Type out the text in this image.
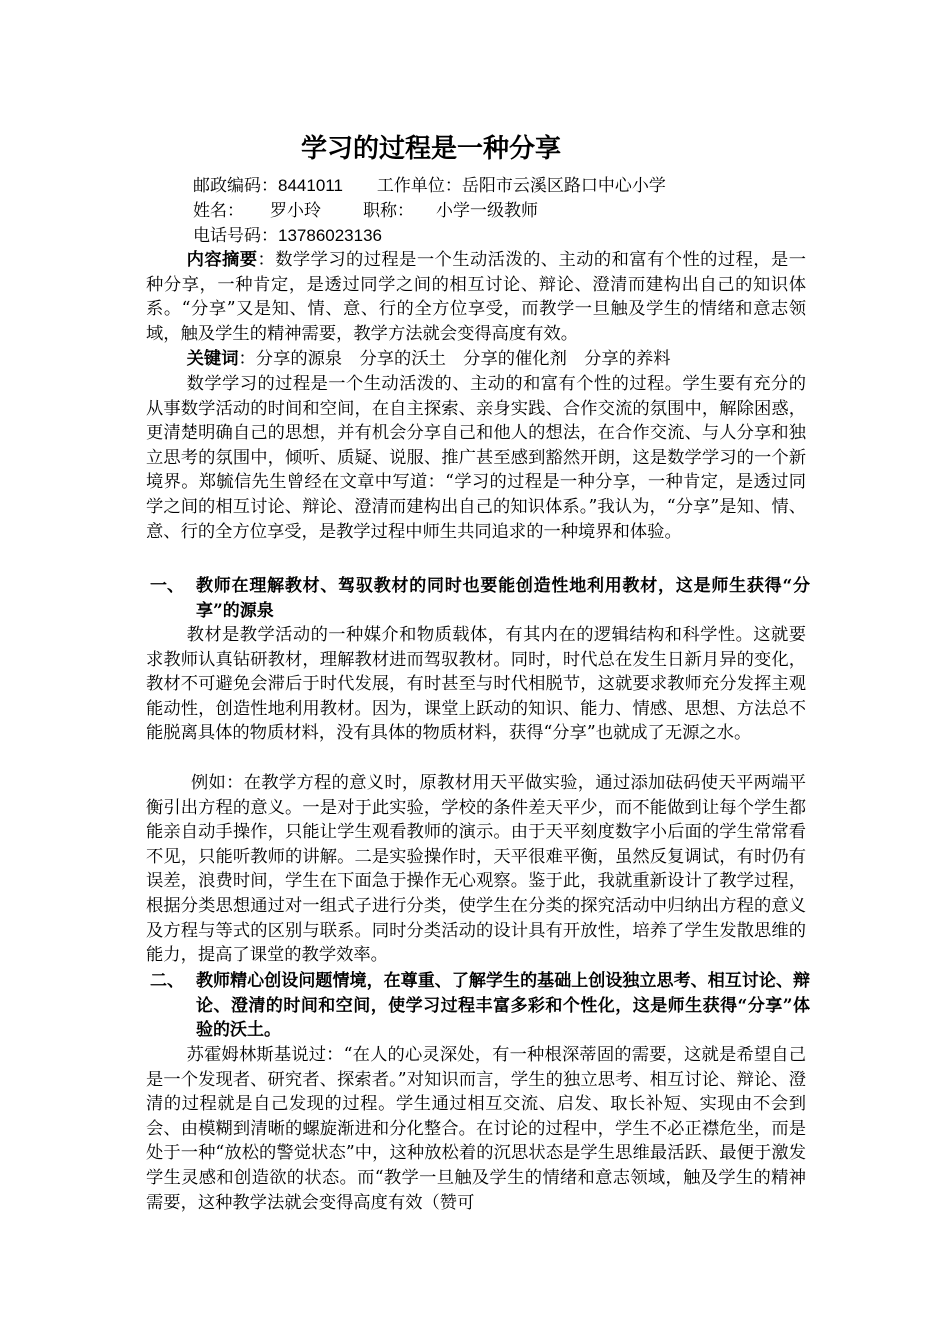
学习的过程是一种分享
邮政编码：8441011 工作单位：岳阳市云溪区路口中心小学
姓名： 罗小玲 职称： 小学一级教师
电话号码：13786023136

内容摘要：数学学习的过程是一个生动活泼的、主动的和富有个性的过程，是一种分享，一种肯定，是透过同学之间的相互讨论、辩论、澄清而建构出自己的知识体系。“分享”又是知、情、意、行的全方位享受，而教学一旦触及学生的情绪和意志领域，触及学生的精神需要，教学方法就会变得高度有效。

关键词：分享的源泉　分享的沃土　分享的催化剂　分享的养料

数学学习的过程是一个生动活泼的、主动的和富有个性的过程。学生要有充分的从事数学活动的时间和空间，在自主探索、亲身实践、合作交流的氛围中，解除困惑，更清楚明确自己的思想，并有机会分享自己和他人的想法，在合作交流、与人分享和独立思考的氛围中，倾听、质疑、说服、推广甚至感到豁然开朗，这是数学学习的一个新境界。郑毓信先生曾经在文章中写道：“学习的过程是一种分享，一种肯定，是透过同学之间的相互讨论、辩论、澄清而建构出自己的知识体系。”我认为，“分享”是知、情、意、行的全方位享受，是教学过程中师生共同追求的一种境界和体验。

一、 教师在理解教材、驾驭教材的同时也要能创造性地利用教材，这是师生获得“分享”的源泉

教材是教学活动的一种媒介和物质载体，有其内在的逻辑结构和科学性。这就要求教师认真钻研教材，理解教材进而驾驭教材。同时，时代总在发生日新月异的变化，教材不可避免会滞后于时代发展，有时甚至与时代相脱节，这就要求教师充分发挥主观能动性，创造性地利用教材。因为，课堂上跃动的知识、能力、情感、思想、方法总不能脱离具体的物质材料，没有具体的物质材料，获得“分享”也就成了无源之水。

例如：在教学方程的意义时，原教材用天平做实验，通过添加砝码使天平两端平衡引出方程的意义。一是对于此实验，学校的条件差天平少，而不能做到让每个学生都能亲自动手操作，只能让学生观看教师的演示。由于天平刻度数字小后面的学生常常看不见，只能听教师的讲解。二是实验操作时，天平很难平衡，虽然反复调试，有时仍有误差，浪费时间，学生在下面急于操作无心观察。鉴于此，我就重新设计了教学过程，根据分类思想通过对一组式子进行分类，使学生在分类的探究活动中归纳出方程的意义及方程与等式的区别与联系。同时分类活动的设计具有开放性，培养了学生发散思维的能力，提高了课堂的教学效率。

二、 教师精心创设问题情境，在尊重、了解学生的基础上创设独立思考、相互讨论、辩论、澄清的时间和空间，使学习过程丰富多彩和个性化，这是师生获得“分享”体验的沃土。

苏霍姆林斯基说过：“在人的心灵深处，有一种根深蒂固的需要，这就是希望自己是一个发现者、研究者、探索者。”对知识而言，学生的独立思考、相互讨论、辩论、澄清的过程就是自己发现的过程。学生通过相互交流、启发、取长补短、实现由不会到会、由模糊到清晰的螺旋渐进和分化整合。在讨论的过程中，学生不必正襟危坐，而是处于一种“放松的警觉状态”中，这种放松着的沉思状态是学生思维最活跃、最便于激发学生灵感和创造欲的状态。而“教学一旦触及学生的情绪和意志领域，触及学生的精神需要，这种教学法就会变得高度有效（赞可
